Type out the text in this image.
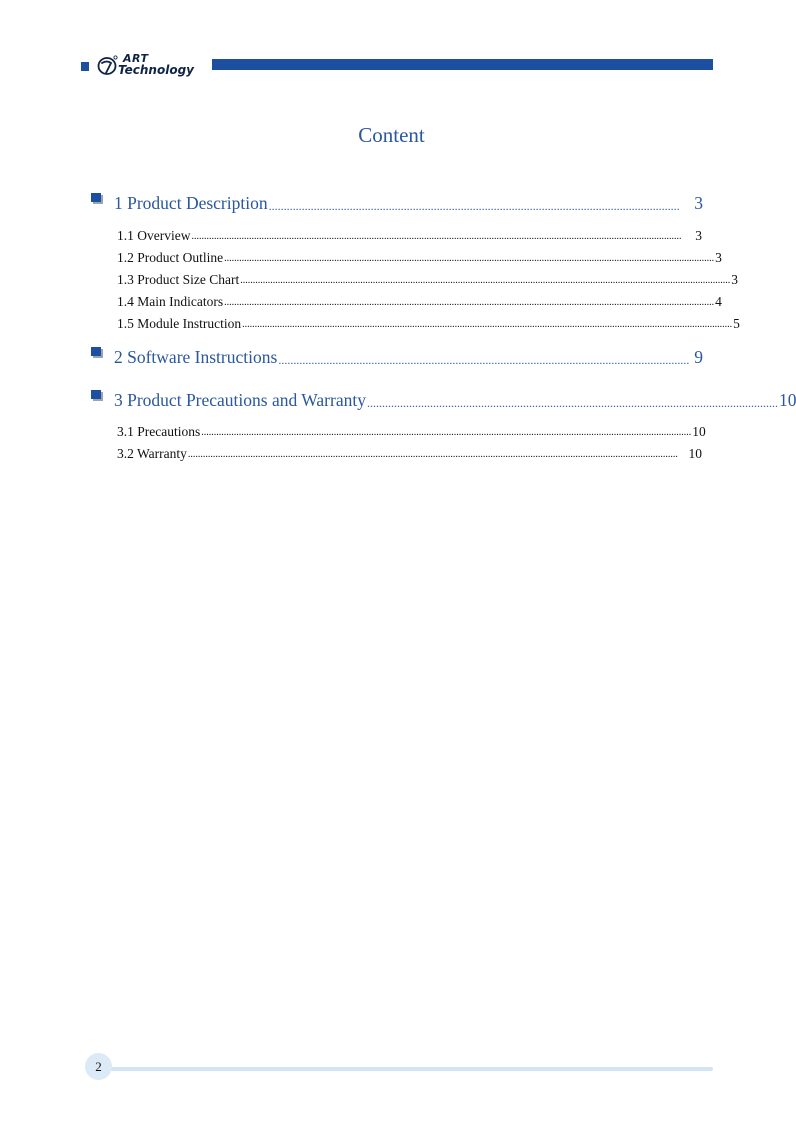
ART
Technology
Content
1 Product Description ......................................................................................................................................... 3
1.1 Overview ....................................................................................................................................................................................................	3
1.2 Product Outline .................................................................................................................................................................................................... 3
1.3 Product Size Chart .................................................................................................................................................................................................... 3
1.4 Main Indicators .................................................................................................................................................................................................... 4
1.5 Module Instruction .................................................................................................................................................................................................... 5
2 Software Instructions ......................................................................................................................................... 9
3 Product Precautions and Warranty ......................................................................................................................................... 10
3.1 Precautions .................................................................................................................................................................................................... 10
3.2 Warranty .................................................................................................................................................................................................... 10
2
